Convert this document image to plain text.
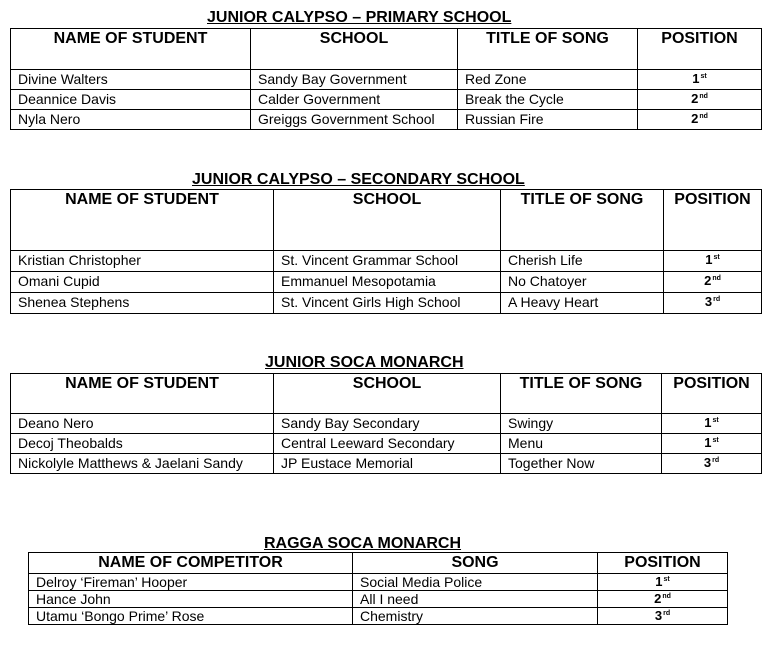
JUNIOR CALYPSO – PRIMARY SCHOOL
NAME OF STUDENT	SCHOOL	TITLE OF SONG	POSITION
Divine Walters	Sandy Bay Government	Red Zone	1st
Deannice Davis	Calder Government	Break the Cycle	2nd
Nyla Nero	Greiggs Government School	Russian Fire	2nd
JUNIOR CALYPSO – SECONDARY SCHOOL
NAME OF STUDENT	SCHOOL	TITLE OF SONG	POSITION
Kristian Christopher	St. Vincent Grammar School	Cherish Life	1st
Omani Cupid	Emmanuel Mesopotamia	No Chatoyer	2nd
Shenea Stephens	St. Vincent Girls High School	A Heavy Heart	3rd
JUNIOR SOCA MONARCH
NAME OF STUDENT	SCHOOL	TITLE OF SONG	POSITION
Deano Nero	Sandy Bay Secondary	Swingy	1st
Decoj Theobalds	Central Leeward Secondary	Menu	1st
Nickolyle Matthews & Jaelani Sandy	JP Eustace Memorial	Together Now	3rd
RAGGA SOCA MONARCH
NAME OF COMPETITOR	SONG	POSITION
Delroy ‘Fireman’ Hooper	Social Media Police	1st
Hance John	All I need	2nd
Utamu ‘Bongo Prime’ Rose	Chemistry	3rd
